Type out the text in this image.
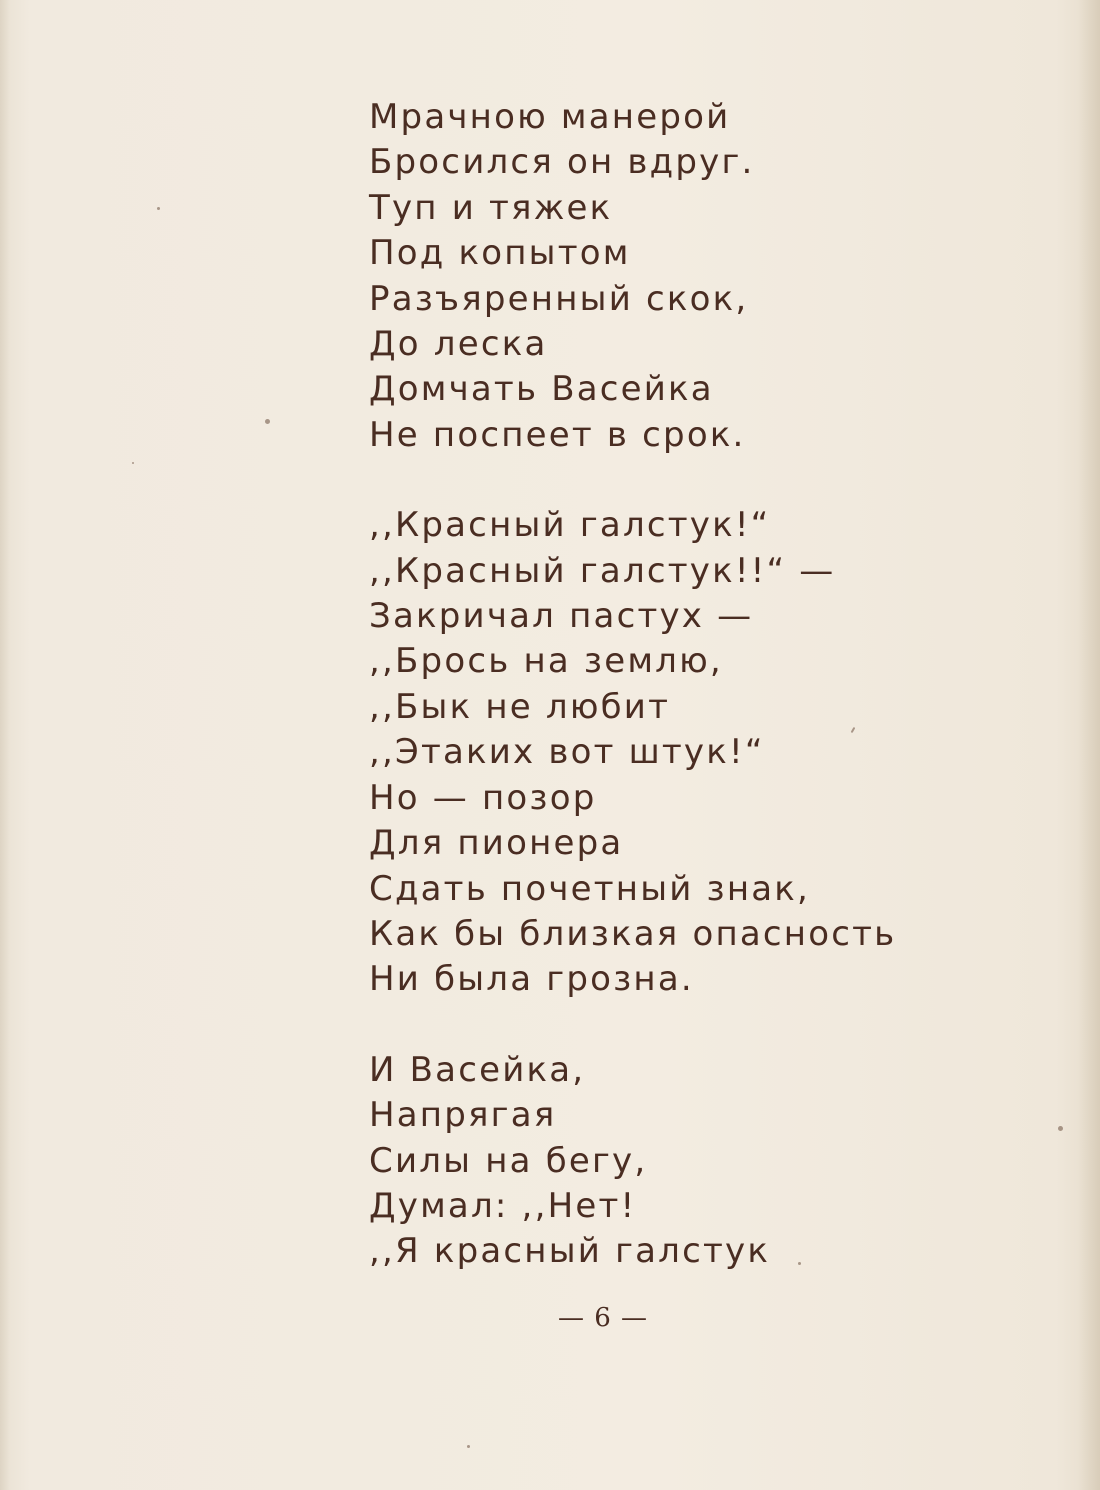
Мрачною манерой
Бросился он вдруг.
Туп и тяжек
Под копытом
Разъяренный скок,
До леска
Домчать Васейка
Не поспеет в срок.

,,Красный галстук!“
,,Красный галстук!!“ —
Закричал пастух —
,,Брось на землю,
,,Бык не любит
,,Этаких вот штук!“
Но — позор
Для пионера
Сдать почетный знак,
Как бы близкая опасность
Ни была грозна.

И Васейка,
Напрягая
Силы на бегу,
Думал: ,,Нет!
,,Я красный галстук

— 6 —
